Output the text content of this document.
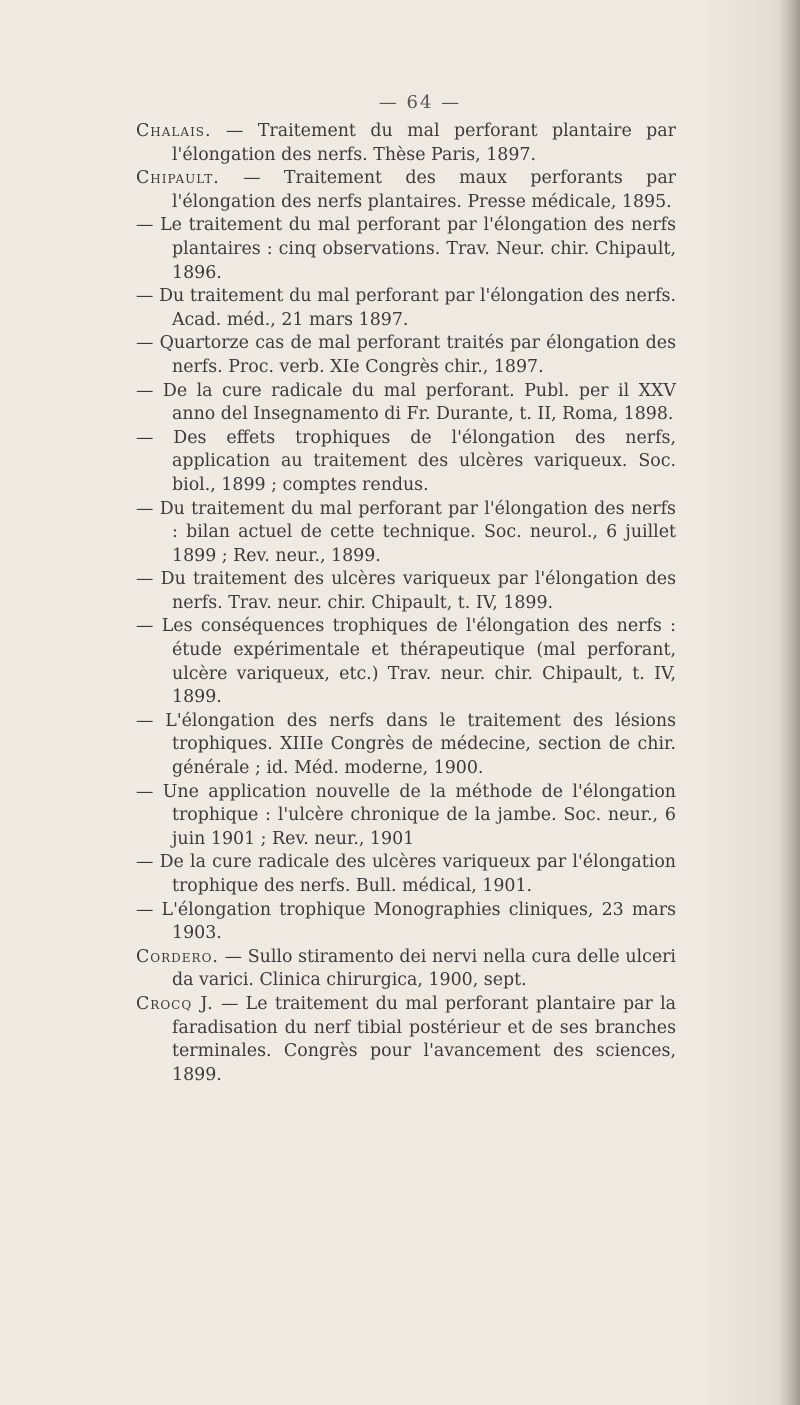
— 64 —

Chalais. — Traitement du mal perforant plantaire par l'élongation des nerfs. Thèse Paris, 1897.

Chipault. — Traitement des maux perforants par l'élongation des nerfs plantaires. Presse médicale, 1895.

— Le traitement du mal perforant par l'élongation des nerfs plantaires : cinq observations. Trav. Neur. chir. Chipault, 1896.

— Du traitement du mal perforant par l'élongation des nerfs. Acad. méd., 21 mars 1897.

— Quartorze cas de mal perforant traités par élongation des nerfs. Proc. verb. XIe Congrès chir., 1897.

— De la cure radicale du mal perforant. Publ. per il XXV anno del Insegnamento di Fr. Durante, t. II, Roma, 1898.

— Des effets trophiques de l'élongation des nerfs, application au traitement des ulcères variqueux. Soc. biol., 1899 ; comptes rendus.

— Du traitement du mal perforant par l'élongation des nerfs : bilan actuel de cette technique. Soc. neurol., 6 juillet 1899 ; Rev. neur., 1899.

— Du traitement des ulcères variqueux par l'élongation des nerfs. Trav. neur. chir. Chipault, t. IV, 1899.

— Les conséquences trophiques de l'élongation des nerfs : étude expérimentale et thérapeutique (mal perforant, ulcère variqueux, etc.) Trav. neur. chir. Chipault, t. IV, 1899.

— L'élongation des nerfs dans le traitement des lésions trophiques. XIIIe Congrès de médecine, section de chir. générale ; id. Méd. moderne, 1900.

— Une application nouvelle de la méthode de l'élongation trophique : l'ulcère chronique de la jambe. Soc. neur., 6 juin 1901 ; Rev. neur., 1901

— De la cure radicale des ulcères variqueux par l'élongation trophique des nerfs. Bull. médical, 1901.

— L'élongation trophique Monographies cliniques, 23 mars 1903.

Cordero. — Sullo stiramento dei nervi nella cura delle ulceri da varici. Clinica chirurgica, 1900, sept.

Crocq J. — Le traitement du mal perforant plantaire par la faradisation du nerf tibial postérieur et de ses branches terminales. Congrès pour l'avancement des sciences, 1899.
